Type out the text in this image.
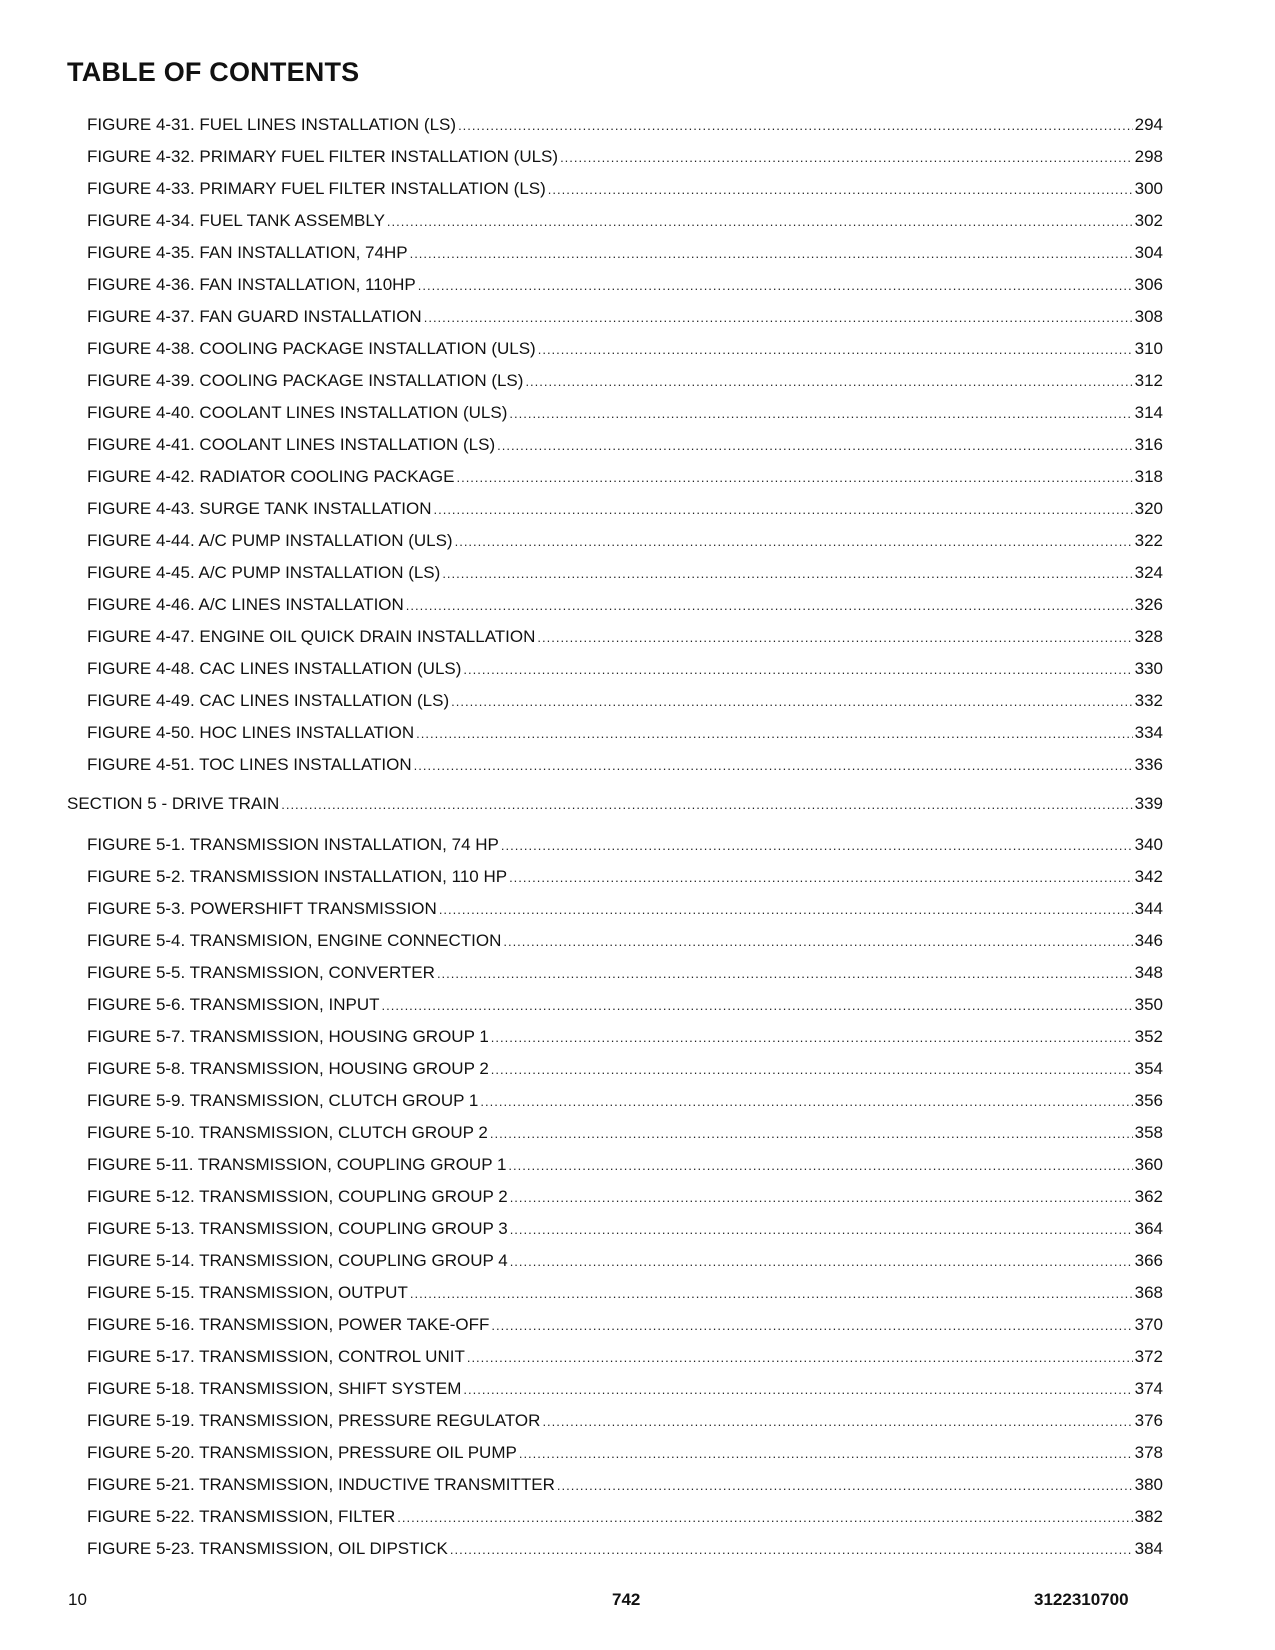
TABLE OF CONTENTS
FIGURE 4-31. FUEL LINES INSTALLATION (LS) .....	294
FIGURE 4-32. PRIMARY FUEL FILTER INSTALLATION (ULS) .....	298
FIGURE 4-33. PRIMARY FUEL FILTER INSTALLATION (LS) .....	300
FIGURE 4-34. FUEL TANK ASSEMBLY .....	302
FIGURE 4-35. FAN INSTALLATION, 74HP .....	304
FIGURE 4-36. FAN INSTALLATION, 110HP .....	306
FIGURE 4-37. FAN GUARD INSTALLATION .....	308
FIGURE 4-38. COOLING PACKAGE INSTALLATION (ULS) .....	310
FIGURE 4-39. COOLING PACKAGE INSTALLATION (LS) .....	312
FIGURE 4-40. COOLANT LINES INSTALLATION (ULS) .....	314
FIGURE 4-41. COOLANT LINES INSTALLATION (LS) .....	316
FIGURE 4-42. RADIATOR COOLING PACKAGE .....	318
FIGURE 4-43. SURGE TANK INSTALLATION .....	320
FIGURE 4-44. A/C PUMP INSTALLATION (ULS) .....	322
FIGURE 4-45. A/C PUMP INSTALLATION (LS) .....	324
FIGURE 4-46. A/C LINES INSTALLATION .....	326
FIGURE 4-47. ENGINE OIL QUICK DRAIN INSTALLATION .....	328
FIGURE 4-48. CAC LINES INSTALLATION (ULS) .....	330
FIGURE 4-49. CAC LINES INSTALLATION (LS) .....	332
FIGURE 4-50. HOC LINES INSTALLATION .....	334
FIGURE 4-51. TOC LINES INSTALLATION .....	336
SECTION 5 - DRIVE TRAIN .....	339
FIGURE 5-1. TRANSMISSION INSTALLATION, 74 HP .....	340
FIGURE 5-2. TRANSMISSION INSTALLATION, 110 HP .....	342
FIGURE 5-3. POWERSHIFT TRANSMISSION .....	344
FIGURE 5-4. TRANSMISION, ENGINE CONNECTION .....	346
FIGURE 5-5. TRANSMISSION, CONVERTER .....	348
FIGURE 5-6. TRANSMISSION, INPUT .....	350
FIGURE 5-7. TRANSMISSION, HOUSING GROUP 1 .....	352
FIGURE 5-8. TRANSMISSION, HOUSING GROUP 2 .....	354
FIGURE 5-9. TRANSMISSION, CLUTCH GROUP 1 .....	356
FIGURE 5-10. TRANSMISSION, CLUTCH GROUP 2 .....	358
FIGURE 5-11. TRANSMISSION, COUPLING GROUP 1 .....	360
FIGURE 5-12. TRANSMISSION, COUPLING GROUP 2 .....	362
FIGURE 5-13. TRANSMISSION, COUPLING GROUP 3 .....	364
FIGURE 5-14. TRANSMISSION, COUPLING GROUP 4 .....	366
FIGURE 5-15. TRANSMISSION, OUTPUT .....	368
FIGURE 5-16. TRANSMISSION, POWER TAKE-OFF .....	370
FIGURE 5-17. TRANSMISSION, CONTROL UNIT .....	372
FIGURE 5-18. TRANSMISSION, SHIFT SYSTEM .....	374
FIGURE 5-19. TRANSMISSION, PRESSURE REGULATOR .....	376
FIGURE 5-20. TRANSMISSION, PRESSURE OIL PUMP .....	378
FIGURE 5-21. TRANSMISSION, INDUCTIVE TRANSMITTER .....	380
FIGURE 5-22. TRANSMISSION, FILTER .....	382
FIGURE 5-23. TRANSMISSION, OIL DIPSTICK .....	384
10	742	3122310700
